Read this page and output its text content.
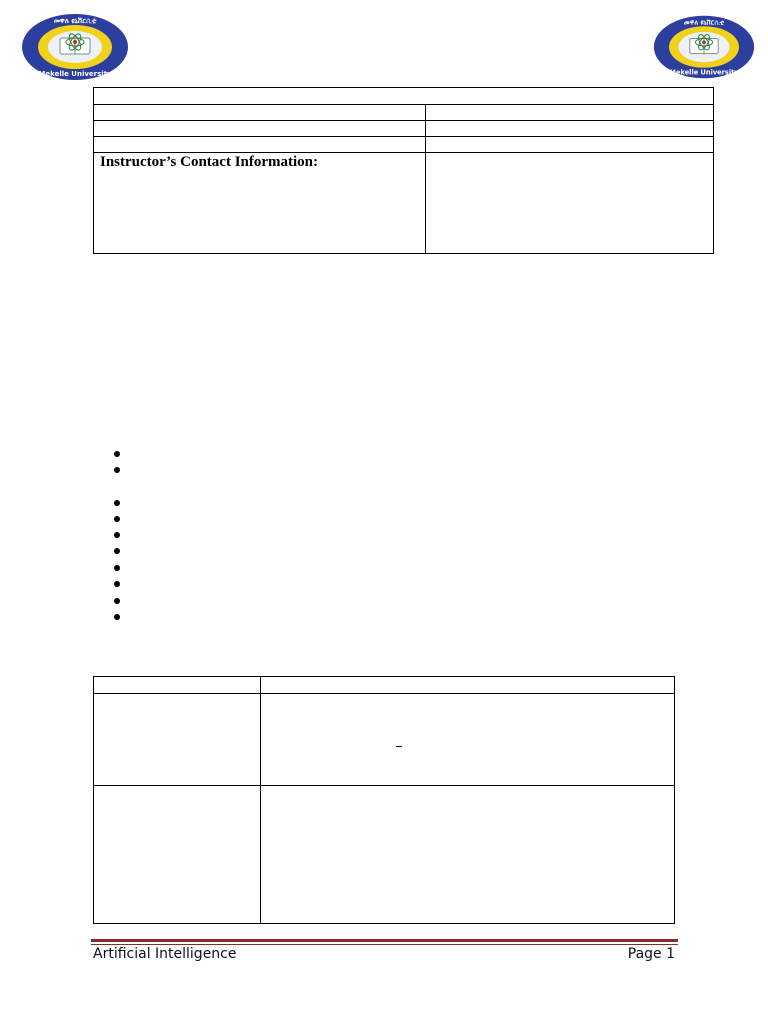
መቐለ ዩኒቨርሲቲ
Mekelle University
መቐለ ዩኒቨርሲቲ
Mekelle University

Instructor’s Contact Information:	

Artificial Intelligence	Page 1
